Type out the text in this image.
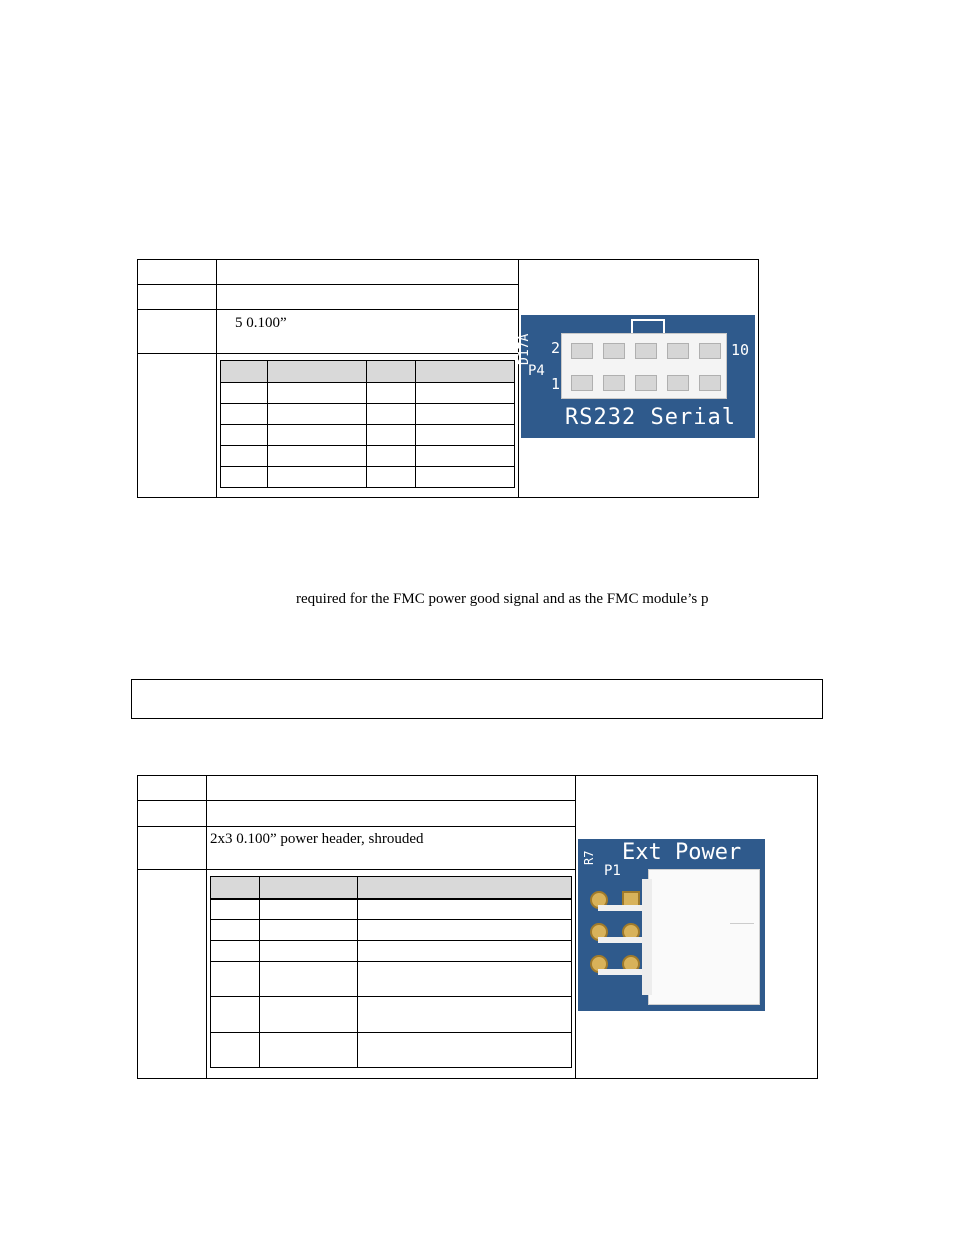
5 0.100”

D17A
P4
2
1
10
RS232 Serial
required for the FMC power good signal and as the FMC module’s p
2x3 0.100” power header, shrouded

R7 Ext Power
P1
